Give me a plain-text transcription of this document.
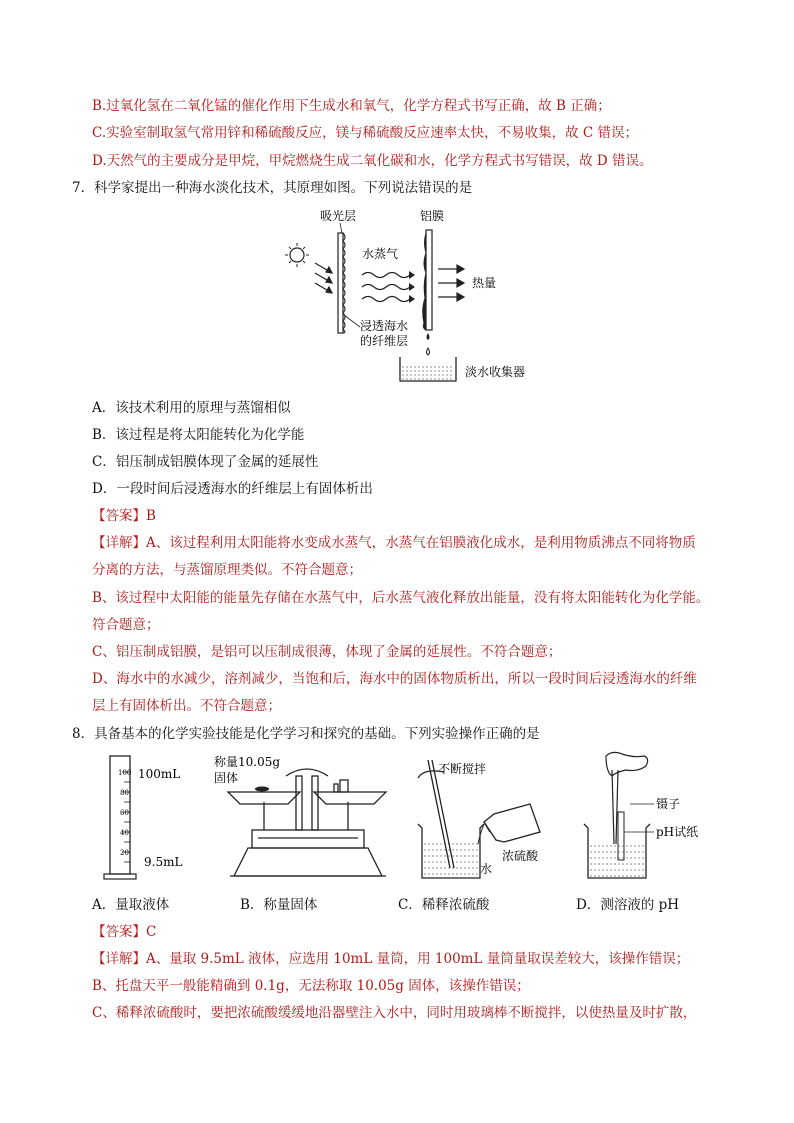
B.过氧化氢在二氧化锰的催化作用下生成水和氧气，化学方程式书写正确，故 B 正确；
C.实验室制取氢气常用锌和稀硫酸反应，镁与稀硫酸反应速率太快，不易收集，故 C 错误；
D.天然气的主要成分是甲烷，甲烷燃烧生成二氧化碳和水，化学方程式书写错误，故 D 错误。
7．科学家提出一种海水淡化技术，其原理如图。下列说法错误的是
吸光层
水蒸气
铝膜
热量
浸透海水
的纤维层
淡水收集器
A．该技术利用的原理与蒸馏相似
B．该过程是将太阳能转化为化学能
C．铝压制成铝膜体现了金属的延展性
D．一段时间后浸透海水的纤维层上有固体析出
【答案】B
【详解】A、该过程利用太阳能将水变成水蒸气，水蒸气在铝膜液化成水，是利用物质沸点不同将物质
分离的方法，与蒸馏原理类似。不符合题意；
B、该过程中太阳能的能量先存储在水蒸气中，后水蒸气液化释放出能量，没有将太阳能转化为化学能。
符合题意；
C、铝压制成铝膜，是铝可以压制成很薄，体现了金属的延展性。不符合题意；
D、海水中的水减少，溶剂减少，当饱和后，海水中的固体物质析出，所以一段时间后浸透海水的纤维
层上有固体析出。不符合题意；
8．具备基本的化学实验技能是化学学习和探究的基础。下列实验操作正确的是
100
80
60
40
20
100mL
9.5mL
称量10.05g
固体
不断搅拌
浓硫酸
水
镊子
pH试纸
A．量取液体	B．称量固体	C．稀释浓硫酸	D．测溶液的 pH
【答案】C
【详解】A、量取 9.5mL 液体，应选用 10mL 量筒，用 100mL 量筒量取误差较大，该操作错误；
B、托盘天平一般能精确到 0.1g，无法称取 10.05g 固体，该操作错误；
C、稀释浓硫酸时，要把浓硫酸缓缓地沿器壁注入水中，同时用玻璃棒不断搅拌，以使热量及时扩散，
